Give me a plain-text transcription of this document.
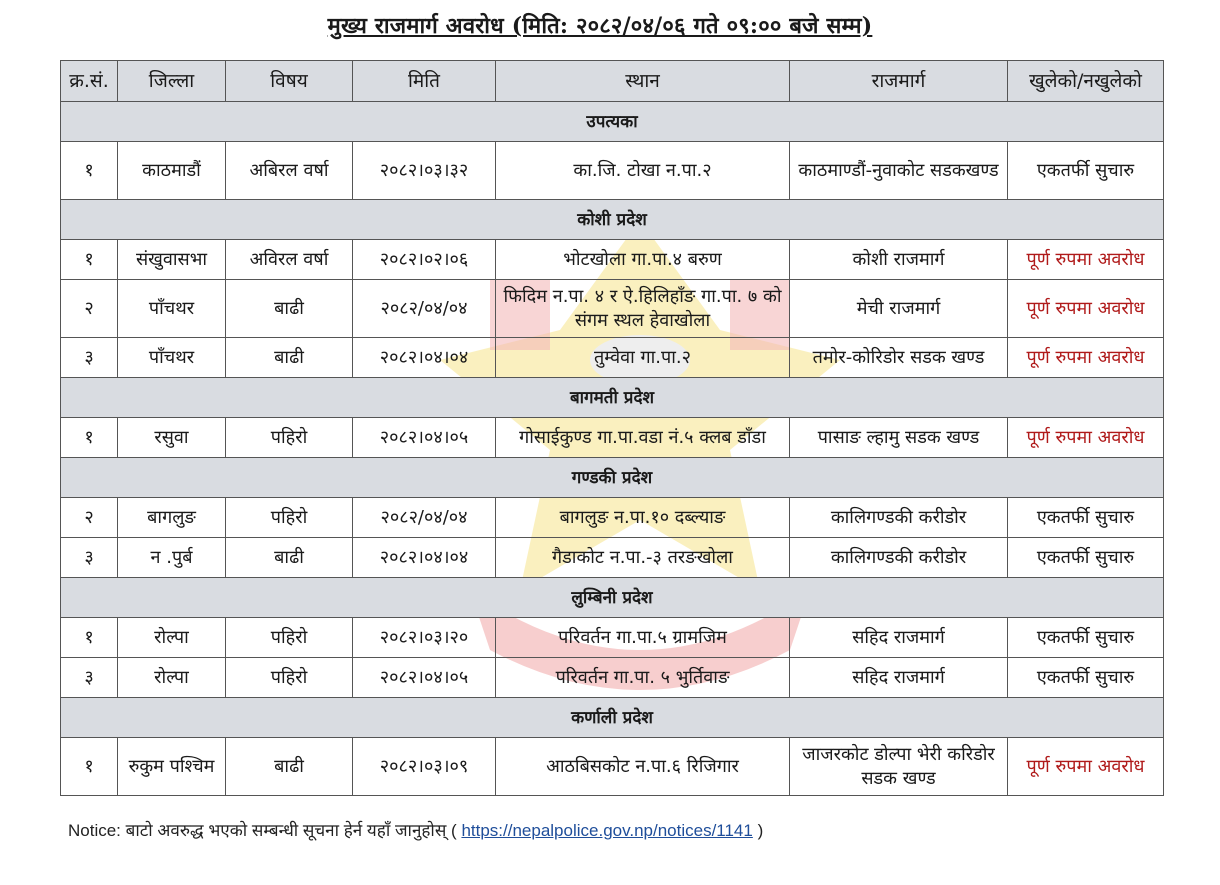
मुख्य राजमार्ग अवरोध (मिति: २०८२/०४/०६ गते ०९:०० बजे सम्म)
क्र.सं.	जिल्ला	विषय	मिति	स्थान	राजमार्ग	खुलेको/नखुलेको
उपत्यका						
१	काठमाडौं	अबिरल वर्षा	२०८२।०३।३२	का.जि. टोखा न.पा.२	काठमाण्डौं-नुवाकोट सडकखण्ड	एकतर्फी सुचारु
कोशी प्रदेश						
१	संखुवासभा	अविरल वर्षा	२०८२।०२।०६	भोटखोला गा.पा.४ बरुण	कोशी राजमार्ग	पूर्ण रुपमा अवरोध
२	पाँचथर	बाढी	२०८२/०४/०४	फिदिम न.पा. ४ र ऐ.हिलिहाँङ गा.पा. ७ को संगम स्थल हेवाखोला	मेची राजमार्ग	पूर्ण रुपमा अवरोध
३	पाँचथर	बाढी	२०८२।०४।०४	तुम्वेवा गा.पा.२	तमोर-कोरिडोर सडक खण्ड	पूर्ण रुपमा अवरोध
बागमती प्रदेश						
१	रसुवा	पहिरो	२०८२।०४।०५	गोसाईकुण्ड गा.पा.वडा नं.५ क्लब डाँडा	पासाङ ल्हामु सडक खण्ड	पूर्ण रुपमा अवरोध
गण्डकी प्रदेश						
२	बागलुङ	पहिरो	२०८२/०४/०४	बागलुङ न.पा.१० दब्ल्याङ	कालिगण्डकी करीडोर	एकतर्फी सुचारु
३	न .पुर्ब	बाढी	२०८२।०४।०४	गैडाकोट न.पा.-३ तरङखोला	कालिगण्डकी करीडोर	एकतर्फी सुचारु
लुम्बिनी प्रदेश						
१	रोल्पा	पहिरो	२०८२।०३।२०	परिवर्तन गा.पा.५ ग्रामजिम	सहिद राजमार्ग	एकतर्फी सुचारु
३	रोल्पा	पहिरो	२०८२।०४।०५	परिवर्तन गा.पा. ५ भुर्तिवाङ	सहिद राजमार्ग	एकतर्फी सुचारु
कर्णाली प्रदेश						
१	रुकुम पश्चिम	बाढी	२०८२।०३।०९	आठबिसकोट न.पा.६ रिजिगार	जाजरकोट डोल्पा भेरी करिडोर सडक खण्ड	पूर्ण रुपमा अवरोध
Notice: बाटो अवरुद्ध भएको सम्बन्धी सूचना हेर्न यहाँ जानुहोस् ( https://nepalpolice.gov.np/notices/1141 )
